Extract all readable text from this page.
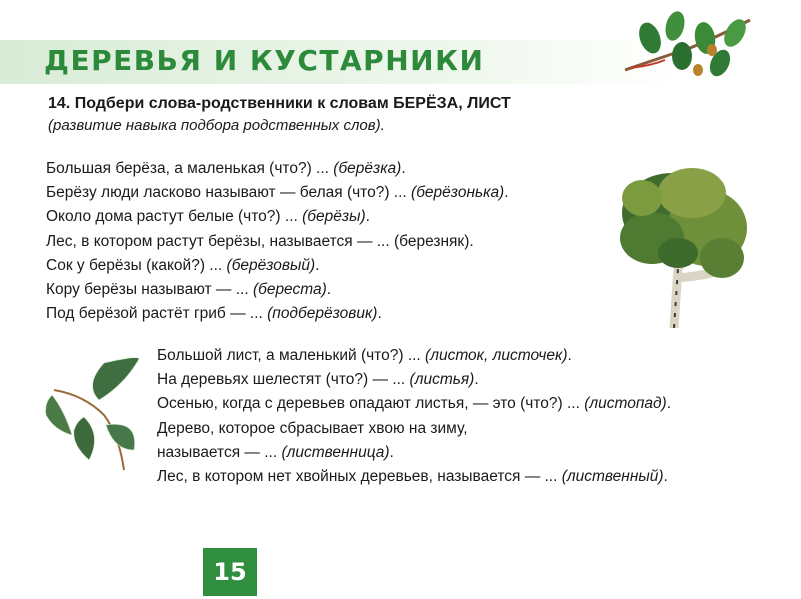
ДЕРЕВЬЯ И КУСТАРНИКИ
14. Подбери слова-родственники к словам БЕРЁЗА, ЛИСТ
(развитие навыка подбора родственных слов).
Большая берёза, а маленькая (что?) ... (берёзка).
Берёзу люди ласково называют — белая (что?) ... (берёзонька).
Около дома растут белые (что?) ... (берёзы).
Лес, в котором растут берёзы, называется — ... (березняк).
Сок у берёзы (какой?) ... (берёзовый).
Кору берёзы называют — ... (береста).
Под берёзой растёт гриб — ... (подберёзовик).
Большой лист, а маленький (что?) ... (листок, листочек).
На деревьях шелестят (что?) — ... (листья).
Осенью, когда с деревьев опадают листья, — это (что?) ... (листопад).
Дерево, которое сбрасывает хвою на зиму,
называется — ... (лиственница).
Лес, в котором нет хвойных деревьев, называется — ... (лиственный).
15
